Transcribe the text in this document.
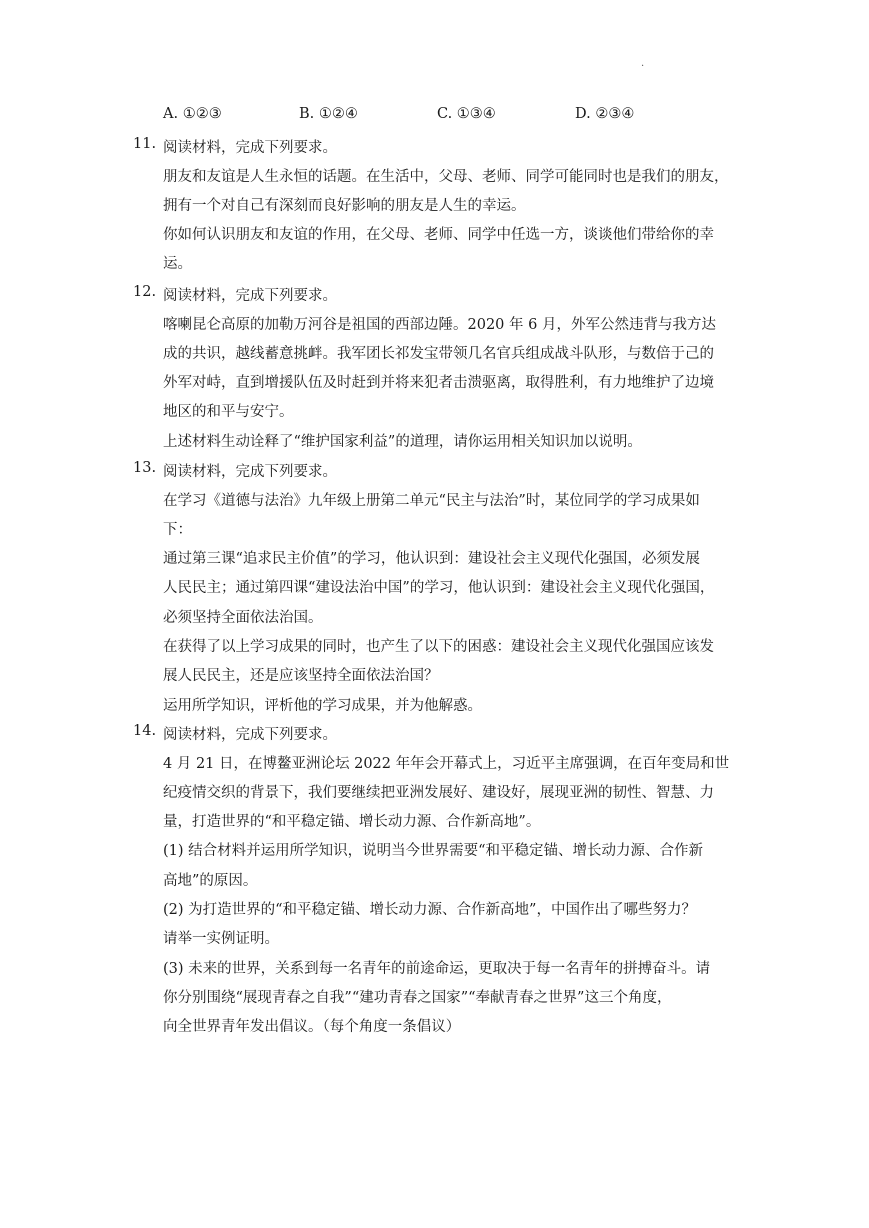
.
A. ①②③	B. ①②④	C. ①③④	D. ②③④
11. 阅读材料，完成下列要求。
朋友和友谊是人生永恒的话题。在生活中，父母、老师、同学可能同时也是我们的朋友，
拥有一个对自己有深刻而良好影响的朋友是人生的幸运。
你如何认识朋友和友谊的作用，在父母、老师、同学中任选一方，谈谈他们带给你的幸
运。
12. 阅读材料，完成下列要求。
喀喇昆仑高原的加勒万河谷是祖国的西部边陲。2020 年 6 月，外军公然违背与我方达
成的共识，越线蓄意挑衅。我军团长祁发宝带领几名官兵组成战斗队形，与数倍于己的
外军对峙，直到增援队伍及时赶到并将来犯者击溃驱离，取得胜利，有力地维护了边境
地区的和平与安宁。
上述材料生动诠释了“维护国家利益”的道理，请你运用相关知识加以说明。
13. 阅读材料，完成下列要求。
在学习《道德与法治》九年级上册第二单元“民主与法治”时，某位同学的学习成果如
下：
通过第三课“追求民主价值”的学习，他认识到：建设社会主义现代化强国，必须发展
人民民主；通过第四课“建设法治中国”的学习，他认识到：建设社会主义现代化强国，
必须坚持全面依法治国。
在获得了以上学习成果的同时，也产生了以下的困惑：建设社会主义现代化强国应该发
展人民民主，还是应该坚持全面依法治国？
运用所学知识，评析他的学习成果，并为他解惑。
14. 阅读材料，完成下列要求。
4 月 21 日，在博鳌亚洲论坛 2022 年年会开幕式上，习近平主席强调，在百年变局和世
纪疫情交织的背景下，我们要继续把亚洲发展好、建设好，展现亚洲的韧性、智慧、力
量，打造世界的“和平稳定锚、增长动力源、合作新高地”。
(1) 结合材料并运用所学知识，说明当今世界需要“和平稳定锚、增长动力源、合作新
高地”的原因。
(2) 为打造世界的“和平稳定锚、增长动力源、合作新高地”，中国作出了哪些努力？
请举一实例证明。
(3) 未来的世界，关系到每一名青年的前途命运，更取决于每一名青年的拼搏奋斗。请
你分别围绕“展现青春之自我”“建功青春之国家”“奉献青春之世界”这三个角度，
向全世界青年发出倡议。（每个角度一条倡议）
